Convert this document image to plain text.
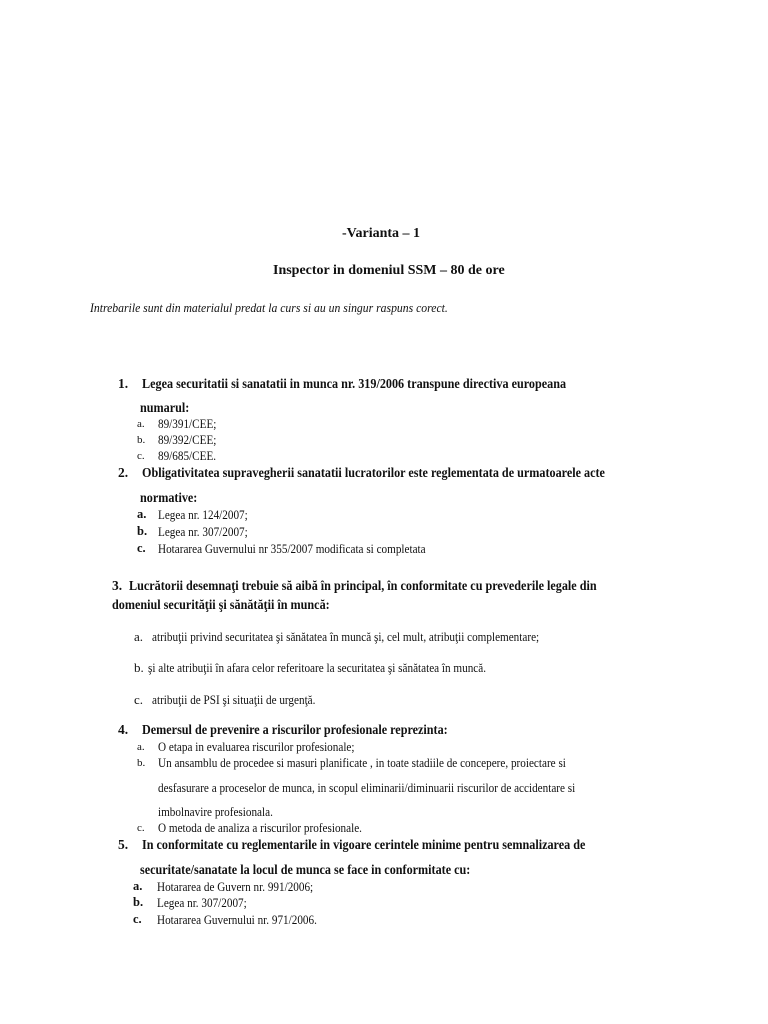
-Varianta – 1
Inspector in domeniul SSM – 80 de ore
Intrebarile sunt din materialul predat la curs si au un singur raspuns corect.
1. Legea securitatii si sanatatii in munca nr. 319/2006 transpune directiva europeana
numarul:
a. 89/391/CEE;
b. 89/392/CEE;
c. 89/685/CEE.
2. Obligativitatea supravegherii sanatatii lucratorilor este reglementata de urmatoarele acte
normative:
a. Legea nr. 124/2007;
b. Legea nr. 307/2007;
c. Hotararea Guvernului nr 355/2007 modificata si completata
3. Lucrătorii desemnaţi trebuie să aibă în principal, în conformitate cu prevederile legale din
domeniul securităţii şi sănătăţii în muncă:
a. atribuţii privind securitatea şi sănătatea în muncă şi, cel mult, atribuţii complementare;
b. şi alte atribuţii în afara celor referitoare la securitatea şi sănătatea în muncă.
c. atribuţii de PSI şi situaţii de urgenţă.
4. Demersul de prevenire a riscurilor profesionale reprezinta:
a. O etapa in evaluarea riscurilor profesionale;
b. Un ansamblu de procedee si masuri planificate , in toate stadiile de concepere, proiectare si
desfasurare a proceselor de munca, in scopul eliminarii/diminuarii riscurilor de accidentare si
imbolnavire profesionala.
c. O metoda de analiza a riscurilor profesionale.
5. In conformitate cu reglementarile in vigoare cerintele minime pentru semnalizarea de
securitate/sanatate la locul de munca se face in conformitate cu:
a. Hotararea de Guvern nr. 991/2006;
b. Legea nr. 307/2007;
c. Hotararea Guvernului nr. 971/2006.
